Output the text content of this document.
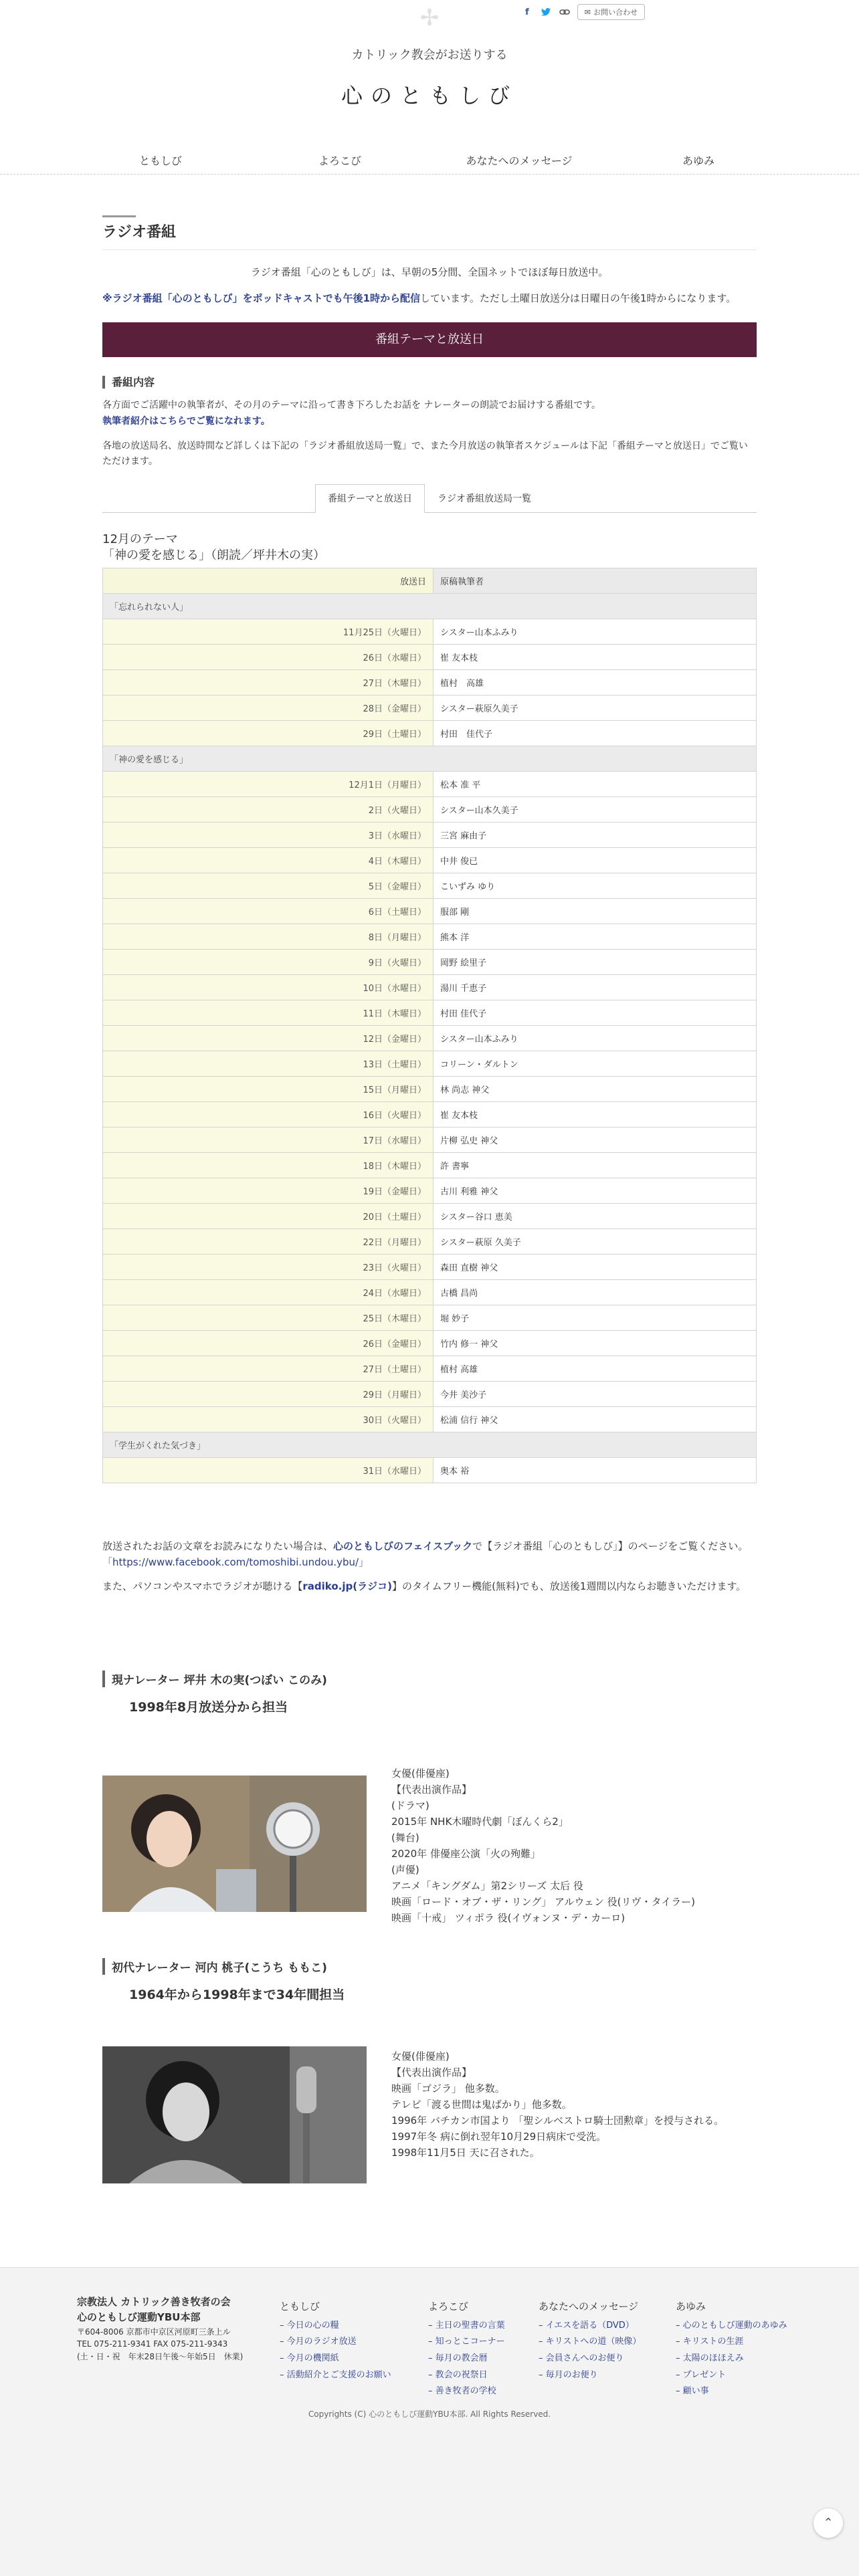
f	✉ お問い合わせ
✢
カトリック教会がお送りする
心のともしび
ともしび	よろこび	あなたへのメッセージ	あゆみ
ラジオ番組

ラジオ番組「心のともしび」は、早朝の5分間、全国ネットでほぼ毎日放送中。

※ラジオ番組「心のともしび」をポッドキャストでも午後1時から配信しています。ただし土曜日放送分は日曜日の午後1時からになります。

番組テーマと放送日
番組内容

各方面でご活躍中の執筆者が、その月のテーマに沿って書き下ろしたお話を ナレーターの朗読でお届けする番組です。
執筆者紹介はこちらでご覧になれます。

各地の放送局名、放送時間など詳しくは下記の「ラジオ番組放送局一覧」で、また今月放送の執筆者スケジュールは下記「番組テーマと放送日」でご覧いただけます。

番組テーマと放送日	ラジオ番組放送局一覧
12月のテーマ
「神の愛を感じる」（朗読／坪井木の実）
放送日	原稿執筆者
「忘れられない人」	
11月25日（火曜日）	シスター山本ふみり
26日（水曜日）	崔 友本枝
27日（木曜日）	植村　高雄
28日（金曜日）	シスター萩原久美子
29日（土曜日）	村田　佳代子
「神の愛を感じる」	
12月1日（月曜日）	松本 准 平
2日（火曜日）	シスター山本久美子
3日（水曜日）	三宮 麻由子
4日（木曜日）	中井 俊已
5日（金曜日）	こいずみ ゆり
6日（土曜日）	服部 剛
8日（月曜日）	熊本 洋
9日（火曜日）	岡野 絵里子
10日（水曜日）	湯川 千恵子
11日（木曜日）	村田 佳代子
12日（金曜日）	シスター山本ふみり
13日（土曜日）	コリーン・ダルトン
15日（月曜日）	林 尚志 神父
16日（火曜日）	崔 友本枝
17日（水曜日）	片柳 弘史 神父
18日（木曜日）	許 書寧
19日（金曜日）	古川 利雅 神父
20日（土曜日）	シスター谷口 恵美
22日（月曜日）	シスター萩原 久美子
23日（火曜日）	森田 直樹 神父
24日（水曜日）	古橋 昌尚
25日（木曜日）	堀 妙子
26日（金曜日）	竹内 修一 神父
27日（土曜日）	植村 高雄
29日（月曜日）	今井 美沙子
30日（火曜日）	松浦 信行 神父
「学生がくれた気づき」	
31日（水曜日）	奥本 裕

放送されたお話の文章をお読みになりたい場合は、心のともしびのフェイスブックで【ラジオ番組「心のともしび」】のページをご覧ください。
「https://www.facebook.com/tomoshibi.undou.ybu/」

また、パソコンやスマホでラジオが聴ける【radiko.jp(ラジコ)】のタイムフリー機能(無料)でも、放送後1週間以内ならお聴きいただけます。

現ナレーター 坪井 木の実(つぼい このみ)
1998年8月放送分から担当
女優(俳優座)
【代表出演作品】
(ドラマ)
2015年 NHK木曜時代劇「ぼんくら2」
(舞台)
2020年 俳優座公演「火の殉難」
(声優)
アニメ「キングダム」第2シリーズ 太后 役
映画「ロード・オブ・ザ・リング」 アルウェン 役(リヴ・タイラー)
映画「十戒」 ツィポラ 役(イヴォンヌ・デ・カーロ)
初代ナレーター 河内 桃子(こうち ももこ)
1964年から1998年まで34年間担当
女優(俳優座)
【代表出演作品】
映画「ゴジラ」 他多数。
テレビ「渡る世間は鬼ばかり」他多数。
1996年 バチカン市国より 「聖シルベストロ騎士団勲章」を授与される。
1997年冬 病に倒れ翌年10月29日病床で受洗。
1998年11月5日 天に召された。
宗教法人 カトリック善き牧者の会
心のともしび運動YBU本部
〒604-8006 京都市中京区河原町三条上ル
TEL 075-211-9341 FAX 075-211-9343
(土・日・祝　年末28日午後〜年始5日　休業)
ともしび
– 今日の心の糧
– 今月のラジオ放送
– 今月の機関紙
– 活動紹介とご支援のお願い
よろこび
– 主日の聖書の言葉
– 知っとこコーナー
– 毎月の教会暦
– 教会の祝祭日
– 善き牧者の学校
あなたへのメッセージ
– イエスを語る（DVD）
– キリストへの道（映像）
– 会員さんへのお便り
– 毎月のお便り
あゆみ
– 心のともしび運動のあゆみ
– キリストの生涯
– 太陽のほほえみ
– プレゼント
– 顧い事
Copyrights (C) 心のともしび運動YBU本部. All Rights Reserved.
⌃
